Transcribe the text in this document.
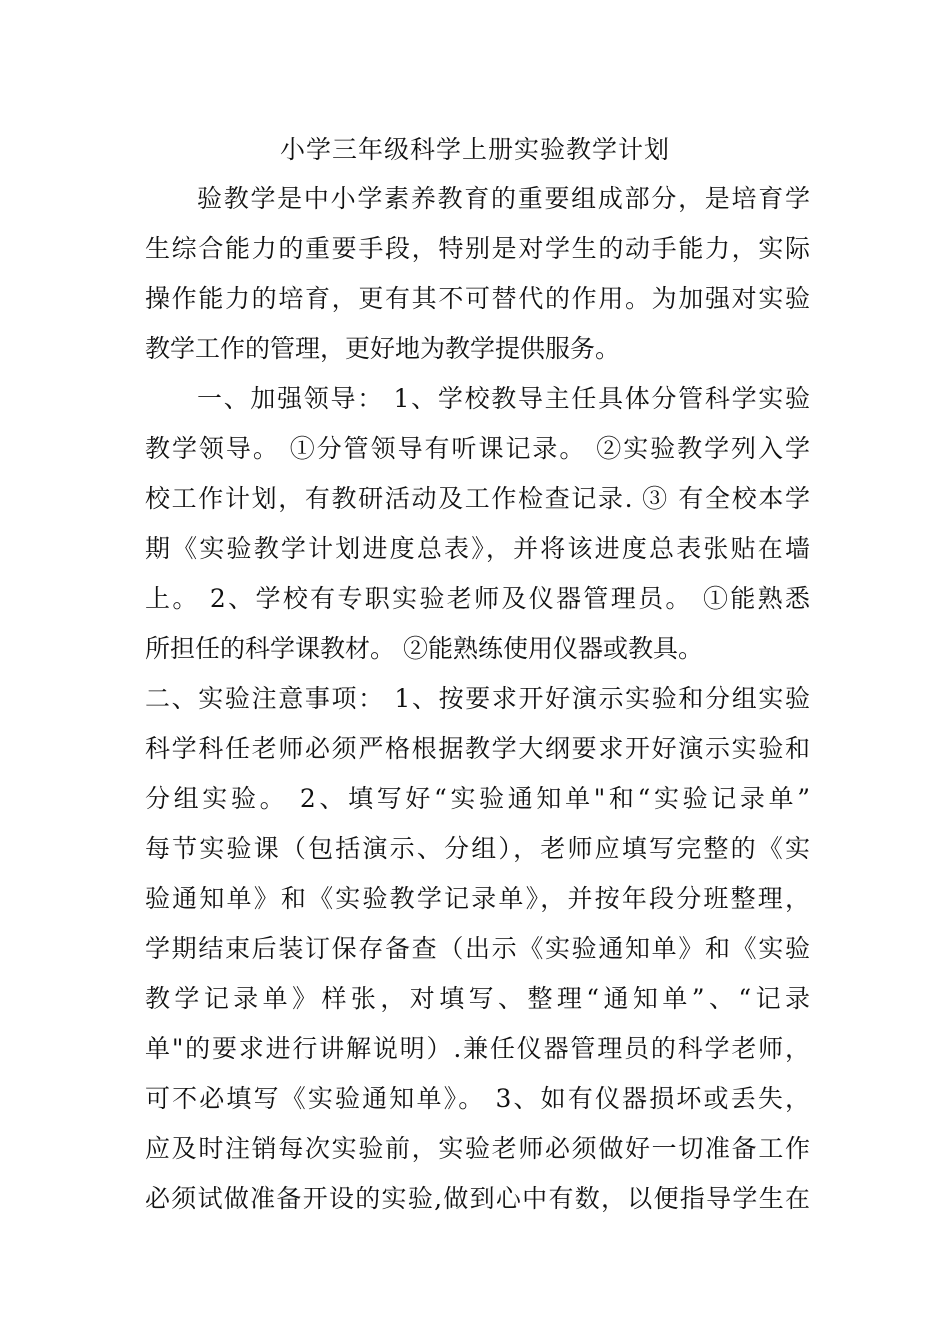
小学三年级科学上册实验教学计划
验教学是中小学素养教育的重要组成部分，是培育学
生综合能力的重要手段，特别是对学生的动手能力，实际
操作能力的培育，更有其不可替代的作用。为加强对实验
教学工作的管理，更好地为教学提供服务。
一、加强领导： 1、学校教导主任具体分管科学实验
教学领导。 ①分管领导有听课记录。 ②实验教学列入学
校工作计划，有教研活动及工作检查记录. ③ 有全校本学
期《实验教学计划进度总表》，并将该进度总表张贴在墙
上。 2、学校有专职实验老师及仪器管理员。 ①能熟悉
所担任的科学课教材。 ②能熟练使用仪器或教具。
二、实验注意事项： 1、按要求开好演示实验和分组实验
科学科任老师必须严格根据教学大纲要求开好演示实验和
分组实验。 2、填写好“实验通知单"和“实验记录单”
每节实验课（包括演示、分组），老师应填写完整的《实
验通知单》和《实验教学记录单》，并按年段分班整理，
学期结束后装订保存备查（出示《实验通知单》和《实验
教学记录单》样张，对填写、整理“通知单”、“记录
单"的要求进行讲解说明）.兼任仪器管理员的科学老师，
可不必填写《实验通知单》。 3、如有仪器损坏或丢失，
应及时注销每次实验前，实验老师必须做好一切准备工作
必须试做准备开设的实验,做到心中有数，以便指导学生在
